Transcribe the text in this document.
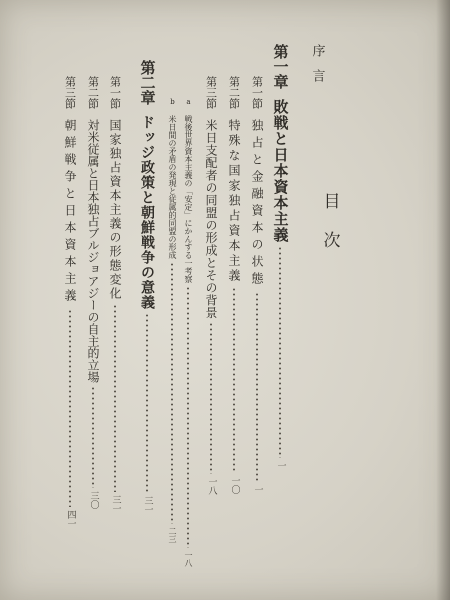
目次
第一章
敗戦と日本資本主義
一
第一節
独占と金融資本の状態
一
第二節
特殊な国家独占資本主義
一〇
第三節
米日支配者の同盟の形成とその背景
一八
a
戦後世界資本主義の「安定」にかんする一考察
一八
b
米日間の矛盾の発現と従属的同盟の形成
二三
第二章
ドッジ政策と朝鮮戦争の意義
三一
第一節
国家独占資本主義の形態変化
三一
第二節
対米従属と日本独占ブルジョアジーの自主的立場
三〇
第三節
朝鮮戦争と日本資本主義
四一
序言
